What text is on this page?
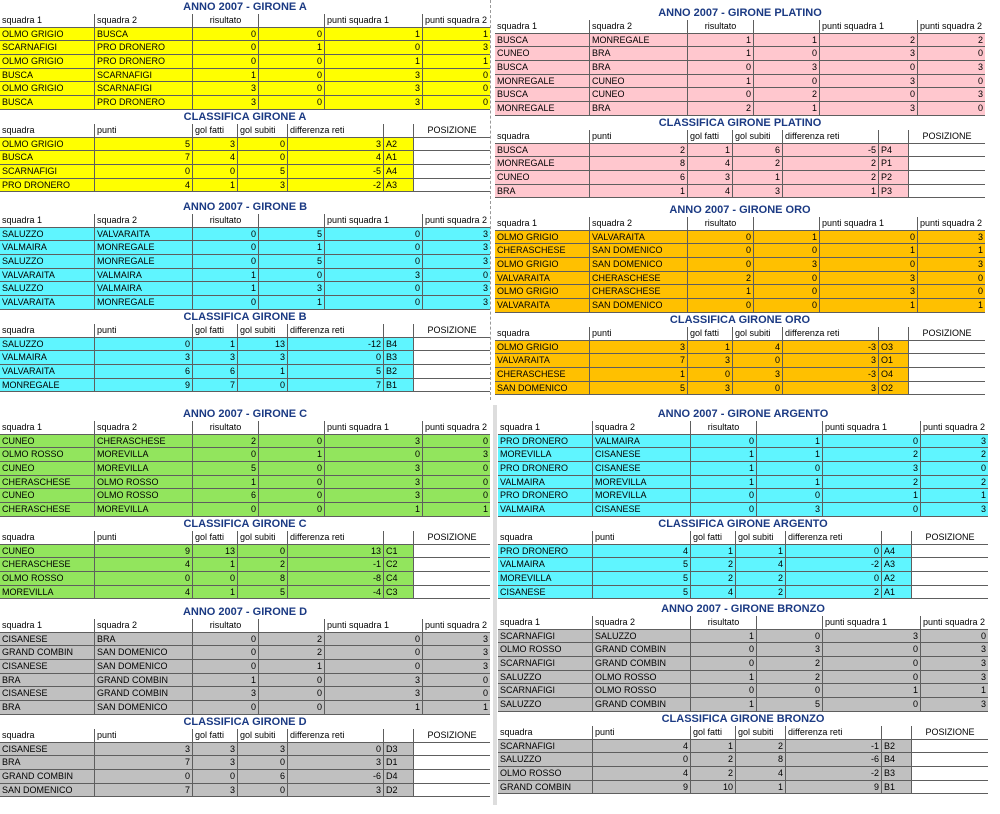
ANNO 2007 - GIRONE A
squadra 1	squadra 2	risultato	punti squadra 1	punti squadra 2
OLMO GRIGIO	BUSCA	0	0	1	1
SCARNAFIGI	PRO DRONERO	0	1	0	3
OLMO GRIGIO	PRO DRONERO	0	0	1	1
BUSCA	SCARNAFIGI	1	0	3	0
OLMO GRIGIO	SCARNAFIGI	3	0	3	0
BUSCA	PRO DRONERO	3	0	3	0
CLASSIFICA GIRONE A
squadra	punti	gol fatti	gol subiti	differenza reti	POSIZIONE
OLMO GRIGIO	5	3	0	3 A2
BUSCA	7	4	0	4 A1
SCARNAFIGI	0	0	5	-5 A4
PRO DRONERO	4	1	3	-2 A3
ANNO 2007 - GIRONE B
squadra 1	squadra 2	risultato	punti squadra 1	punti squadra 2
SALUZZO	VALVARAITA	0	5	0	3
VALMAIRA	MONREGALE	0	1	0	3
SALUZZO	MONREGALE	0	5	0	3
VALVARAITA	VALMAIRA	1	0	3	0
SALUZZO	VALMAIRA	1	3	0	3
VALVARAITA	MONREGALE	0	1	0	3
CLASSIFICA GIRONE B
squadra	punti	gol fatti	gol subiti	differenza reti	POSIZIONE
SALUZZO	0	1	13	-12 B4
VALMAIRA	3	3	3	0 B3
VALVARAITA	6	6	1	5 B2
MONREGALE	9	7	0	7 B1
ANNO 2007 - GIRONE PLATINO
squadra 1	squadra 2	risultato	punti squadra 1	punti squadra 2
BUSCA	MONREGALE	1	1	2	2
CUNEO	BRA	1	0	3	0
BUSCA	BRA	0	3	0	3
MONREGALE	CUNEO	1	0	3	0
BUSCA	CUNEO	0	2	0	3
MONREGALE	BRA	2	1	3	0
CLASSIFICA GIRONE PLATINO
squadra	punti	gol fatti	gol subiti	differenza reti	POSIZIONE
BUSCA	2	1	6	-5 P4
MONREGALE	8	4	2	2 P1
CUNEO	6	3	1	2 P2
BRA	1	4	3	1 P3
ANNO 2007 - GIRONE ORO
squadra 1	squadra 2	risultato	punti squadra 1	punti squadra 2
OLMO GRIGIO	VALVARAITA	0	1	0	3
CHERASCHESE	SAN DOMENICO	0	0	1	1
OLMO GRIGIO	SAN DOMENICO	0	3	0	3
VALVARAITA	CHERASCHESE	2	0	3	0
OLMO GRIGIO	CHERASCHESE	1	0	3	0
VALVARAITA	SAN DOMENICO	0	0	1	1
CLASSIFICA GIRONE ORO
squadra	punti	gol fatti	gol subiti	differenza reti	POSIZIONE
OLMO GRIGIO	3	1	4	-3 O3
VALVARAITA	7	3	0	3 O1
CHERASCHESE	1	0	3	-3 O4
SAN DOMENICO	5	3	0	3 O2
ANNO 2007 - GIRONE C
squadra 1	squadra 2	risultato	punti squadra 1	punti squadra 2
CUNEO	CHERASCHESE	2	0	3	0
OLMO ROSSO	MOREVILLA	0	1	0	3
CUNEO	MOREVILLA	5	0	3	0
CHERASCHESE	OLMO ROSSO	1	0	3	0
CUNEO	OLMO ROSSO	6	0	3	0
CHERASCHESE	MOREVILLA	0	0	1	1
CLASSIFICA GIRONE C
squadra	punti	gol fatti	gol subiti	differenza reti	POSIZIONE
CUNEO	9	13	0	13 C1
CHERASCHESE	4	1	2	-1 C2
OLMO ROSSO	0	0	8	-8 C4
MOREVILLA	4	1	5	-4 C3
ANNO 2007 - GIRONE ARGENTO
squadra 1	squadra 2	risultato	punti squadra 1	punti squadra 2
PRO DRONERO	VALMAIRA	0	1	0	3
MOREVILLA	CISANESE	1	1	2	2
PRO DRONERO	CISANESE	1	0	3	0
VALMAIRA	MOREVILLA	1	1	2	2
PRO DRONERO	MOREVILLA	0	0	1	1
VALMAIRA	CISANESE	0	3	0	3
CLASSIFICA GIRONE ARGENTO
squadra	punti	gol fatti	gol subiti	differenza reti	POSIZIONE
PRO DRONERO	4	1	1	0 A4
VALMAIRA	5	2	4	-2 A3
MOREVILLA	5	2	2	0 A2
CISANESE	5	4	2	2 A1
ANNO 2007 - GIRONE D
squadra 1	squadra 2	risultato	punti squadra 1	punti squadra 2
CISANESE	BRA	0	2	0	3
GRAND COMBIN	SAN DOMENICO	0	2	0	3
CISANESE	SAN DOMENICO	0	1	0	3
BRA	GRAND COMBIN	1	0	3	0
CISANESE	GRAND COMBIN	3	0	3	0
BRA	SAN DOMENICO	0	0	1	1
CLASSIFICA GIRONE D
squadra	punti	gol fatti	gol subiti	differenza reti	POSIZIONE
CISANESE	3	3	3	0 D3
BRA	7	3	0	3 D1
GRAND COMBIN	0	0	6	-6 D4
SAN DOMENICO	7	3	0	3 D2
ANNO 2007 - GIRONE BRONZO
squadra 1	squadra 2	risultato	punti squadra 1	punti squadra 2
SCARNAFIGI	SALUZZO	1	0	3	0
OLMO ROSSO	GRAND COMBIN	0	3	0	3
SCARNAFIGI	GRAND COMBIN	0	2	0	3
SALUZZO	OLMO ROSSO	1	2	0	3
SCARNAFIGI	OLMO ROSSO	0	0	1	1
SALUZZO	GRAND COMBIN	1	5	0	3
CLASSIFICA GIRONE BRONZO
squadra	punti	gol fatti	gol subiti	differenza reti	POSIZIONE
SCARNAFIGI	4	1	2	-1 B2
SALUZZO	0	2	8	-6 B4
OLMO ROSSO	4	2	4	-2 B3
GRAND COMBIN	9	10	1	9 B1
